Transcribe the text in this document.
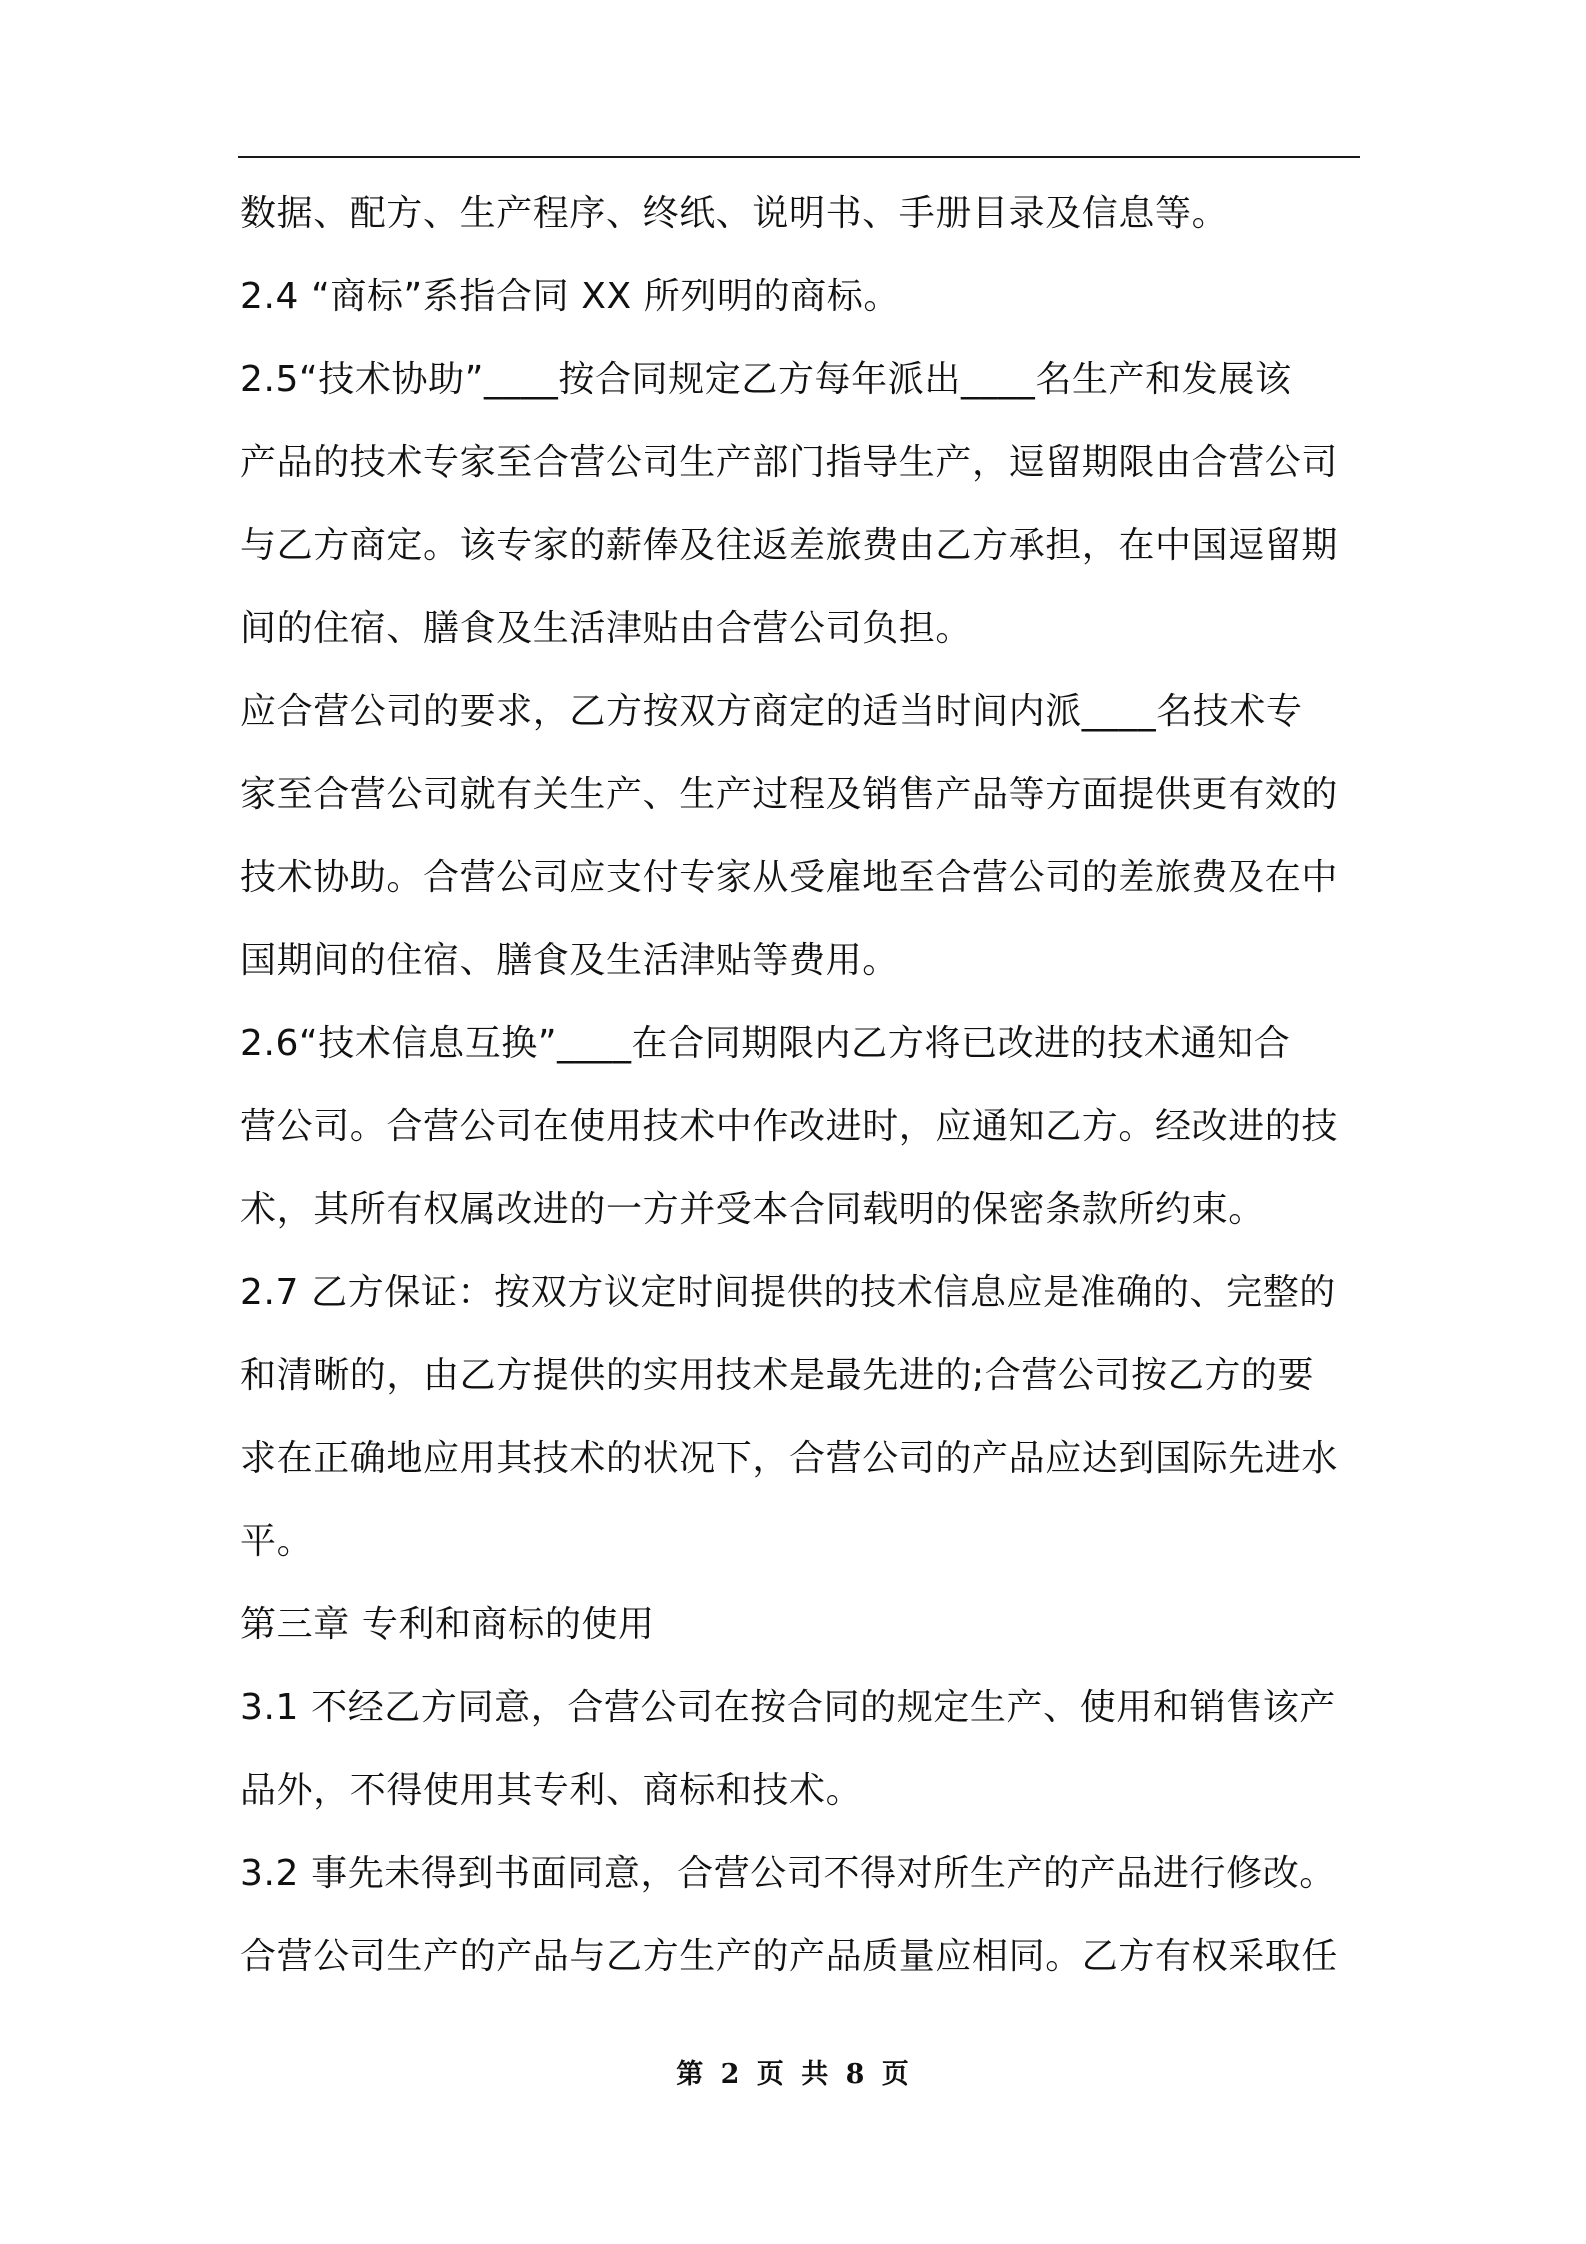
数据、配方、生产程序、终纸、说明书、手册目录及信息等。
2.4 “商标”系指合同 XX 所列明的商标。
2.5“技术协助”____按合同规定乙方每年派出____名生产和发展该
产品的技术专家至合营公司生产部门指导生产，逗留期限由合营公司
与乙方商定。该专家的薪俸及往返差旅费由乙方承担，在中国逗留期
间的住宿、膳食及生活津贴由合营公司负担。
应合营公司的要求，乙方按双方商定的适当时间内派____名技术专
家至合营公司就有关生产、生产过程及销售产品等方面提供更有效的
技术协助。合营公司应支付专家从受雇地至合营公司的差旅费及在中
国期间的住宿、膳食及生活津贴等费用。
2.6“技术信息互换”____在合同期限内乙方将已改进的技术通知合
营公司。合营公司在使用技术中作改进时，应通知乙方。经改进的技
术，其所有权属改进的一方并受本合同载明的保密条款所约束。
2.7 乙方保证：按双方议定时间提供的技术信息应是准确的、完整的
和清晰的，由乙方提供的实用技术是最先进的;合营公司按乙方的要
求在正确地应用其技术的状况下，合营公司的产品应达到国际先进水
平。
第三章 专利和商标的使用
3.1 不经乙方同意，合营公司在按合同的规定生产、使用和销售该产
品外，不得使用其专利、商标和技术。
3.2 事先未得到书面同意，合营公司不得对所生产的产品进行修改。
合营公司生产的产品与乙方生产的产品质量应相同。乙方有权采取任
第 2 页 共 8 页
